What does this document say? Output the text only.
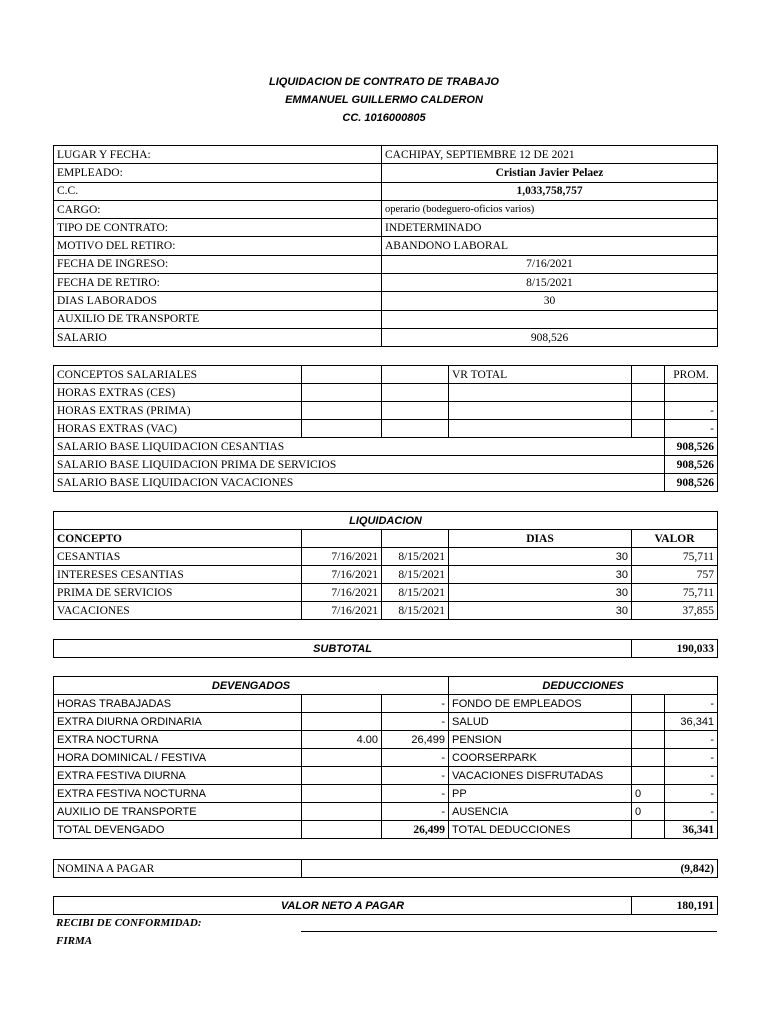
LIQUIDACION DE CONTRATO DE TRABAJO
EMMANUEL GUILLERMO CALDERON
CC. 1016000805
LUGAR Y FECHA:	CACHIPAY, SEPTIEMBRE 12 DE 2021
EMPLEADO:	Cristian Javier Pelaez
C.C.	1,033,758,757
CARGO:	operario (bodeguero-oficios varios)
TIPO DE CONTRATO:	INDETERMINADO
MOTIVO DEL RETIRO:	ABANDONO LABORAL
FECHA DE INGRESO:	7/16/2021
FECHA DE RETIRO:	8/15/2021
DIAS LABORADOS	30
AUXILIO DE TRANSPORTE	
SALARIO	908,526
CONCEPTOS SALARIALES			VR TOTAL		PROM.
HORAS EXTRAS (CES)					
HORAS EXTRAS (PRIMA)					-
HORAS EXTRAS (VAC)					-
SALARIO BASE LIQUIDACION CESANTIAS					908,526
SALARIO BASE LIQUIDACION PRIMA DE SERVICIOS					908,526
SALARIO BASE LIQUIDACION VACACIONES					908,526
LIQUIDACION				
CONCEPTO			DIAS	VALOR
CESANTIAS	7/16/2021	8/15/2021	30	75,711
INTERESES CESANTIAS	7/16/2021	8/15/2021	30	757
PRIMA DE SERVICIOS	7/16/2021	8/15/2021	30	75,711
VACACIONES	7/16/2021	8/15/2021	30	37,855
SUBTOTAL	190,033
DEVENGADOS			DEDUCCIONES		
HORAS TRABAJADAS		-	FONDO DE EMPLEADOS		-
EXTRA DIURNA ORDINARIA		-	SALUD		36,341
EXTRA NOCTURNA	4.00	26,499	PENSION		-
HORA DOMINICAL / FESTIVA		-	COORSERPARK		-
EXTRA FESTIVA DIURNA		-	VACACIONES DISFRUTADAS		-
EXTRA FESTIVA NOCTURNA		-	PP	0	-
AUXILIO DE TRANSPORTE		-	AUSENCIA	0	-
TOTAL DEVENGADO		26,499	TOTAL DEDUCCIONES		36,341
NOMINA A PAGAR	(9,842)
VALOR NETO A PAGAR	180,191
RECIBI DE CONFORMIDAD:
FIRMA
